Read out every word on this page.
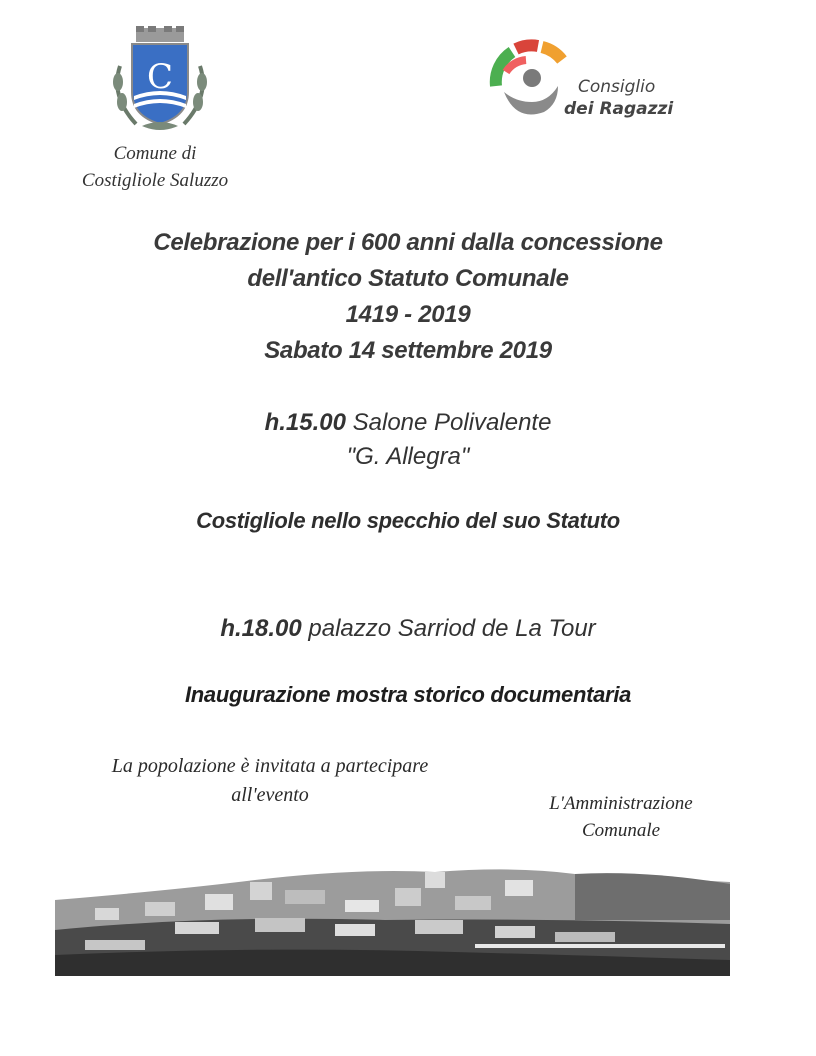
C
Comune di
Costigliole Saluzzo
Consiglio
dei Ragazzi
Celebrazione per i 600 anni dalla concessione
dell'antico Statuto Comunale
1419 - 2019
Sabato 14 settembre 2019
h.15.00 Salone Polivalente
"G. Allegra"
Costigliole nello specchio del suo Statuto
h.18.00 palazzo Sarriod de La Tour
Inaugurazione mostra storico documentaria
La popolazione è invitata a partecipare
all'evento	L'Amministrazione
Comunale
